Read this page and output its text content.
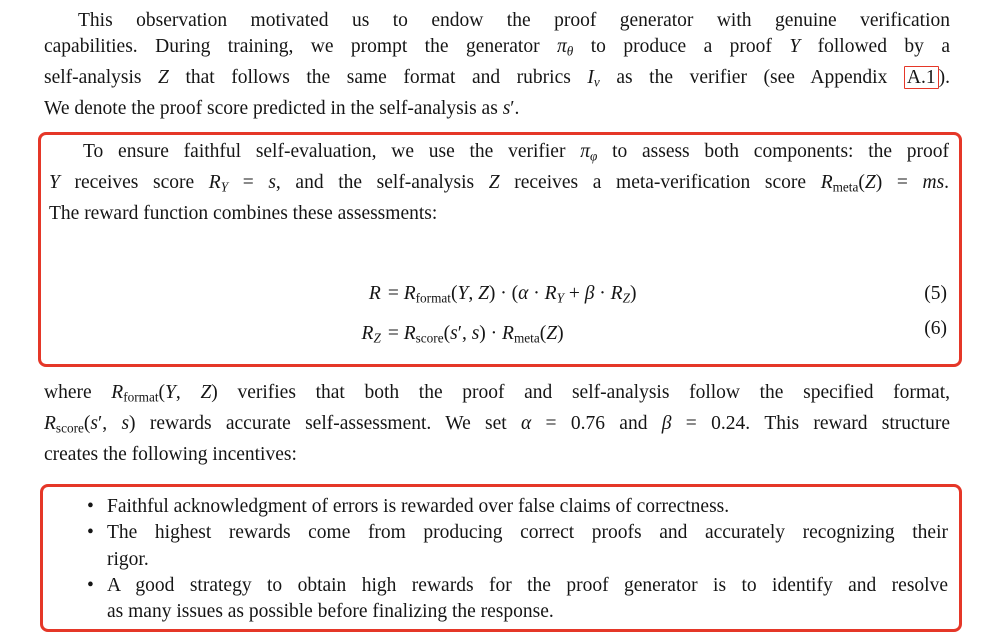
This observation motivated us to endow the proof generator with genuine verification
capabilities. During training, we prompt the generator πθ to produce a proof Y followed by a
self-analysis Z that follows the same format and rubrics Iv as the verifier (see Appendix A.1 ).
We denote the proof score predicted in the self-analysis as s′.
To ensure faithful self-evaluation, we use the verifier πφ to assess both components: the proof
Y receives score RY = s, and the self-analysis Z receives a meta-verification score Rmeta(Z) = ms.
The reward function combines these assessments:
R = Rformat(Y, Z) · (α · RY + β · RZ)
RZ = Rscore(s′, s) · Rmeta(Z)
(5)
(6)
where Rformat(Y, Z) verifies that both the proof and self-analysis follow the specified format,
Rscore(s′, s) rewards accurate self-assessment. We set α = 0.76 and β = 0.24. This reward structure
creates the following incentives:
• Faithful acknowledgment of errors is rewarded over false claims of correctness.
• The highest rewards come from producing correct proofs and accurately recognizing their
rigor.
• A good strategy to obtain high rewards for the proof generator is to identify and resolve
as many issues as possible before finalizing the response.
